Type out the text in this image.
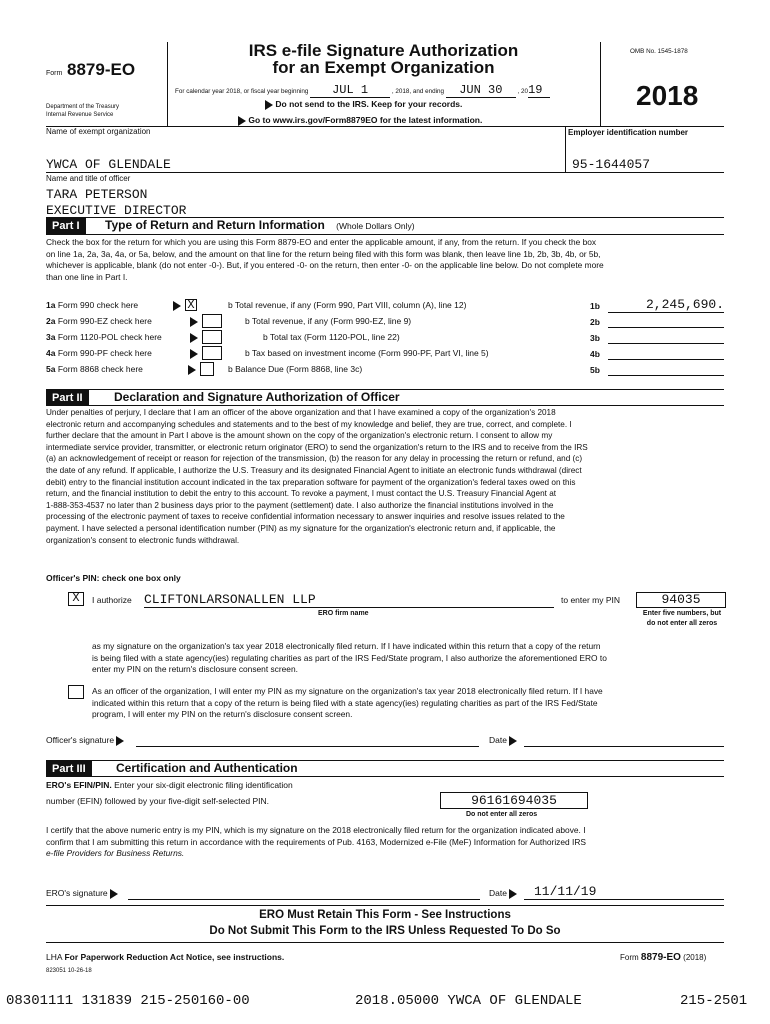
Form 8879-EO
Department of the Treasury
Internal Revenue Service
IRS e-file Signature Authorization
for an Exempt Organization
For calendar year 2018, or fiscal year beginning JUL 1	, 2018, and ending JUN 30 , 2019
Do not send to the IRS. Keep for your records.
Go to www.irs.gov/Form8879EO for the latest information.
OMB No. 1545-1878
2018
Name of exempt organization	Employer identification number
YWCA OF GLENDALE	95-1644057
Name and title of officer
TARA PETERSON
EXECUTIVE DIRECTOR
Part I	Type of Return and Return Information (Whole Dollars Only)
Check the box for the return for which you are using this Form 8879-EO and enter the applicable amount, if any, from the return. If you check the box
on line 1a, 2a, 3a, 4a, or 5a, below, and the amount on that line for the return being filed with this form was blank, then leave line 1b, 2b, 3b, 4b, or 5b,
whichever is applicable, blank (do not enter -0-). But, if you entered -0- on the return, then enter -0- on the applicable line below. Do not complete more
than one line in Part I.
1a Form 990 check here	X	b Total revenue, if any (Form 990, Part VIII, column (A), line 12)	1b	2,245,690.
2a Form 990-EZ check here	b Total revenue, if any (Form 990-EZ, line 9)	2b
3a Form 1120-POL check here	b Total tax (Form 1120-POL, line 22)	3b
4a Form 990-PF check here	b Tax based on investment income (Form 990-PF, Part VI, line 5)	4b
5a Form 8868 check here	b Balance Due (Form 8868, line 3c)	5b
Part II	Declaration and Signature Authorization of Officer
Under penalties of perjury, I declare that I am an officer of the above organization and that I have examined a copy of the organization's 2018
electronic return and accompanying schedules and statements and to the best of my knowledge and belief, they are true, correct, and complete. I
further declare that the amount in Part I above is the amount shown on the copy of the organization's electronic return. I consent to allow my
intermediate service provider, transmitter, or electronic return originator (ERO) to send the organization's return to the IRS and to receive from the IRS
(a) an acknowledgement of receipt or reason for rejection of the transmission, (b) the reason for any delay in processing the return or refund, and (c)
the date of any refund. If applicable, I authorize the U.S. Treasury and its designated Financial Agent to initiate an electronic funds withdrawal (direct
debit) entry to the financial institution account indicated in the tax preparation software for payment of the organization's federal taxes owed on this
return, and the financial institution to debit the entry to this account. To revoke a payment, I must contact the U.S. Treasury Financial Agent at
1-888-353-4537 no later than 2 business days prior to the payment (settlement) date. I also authorize the financial institutions involved in the
processing of the electronic payment of taxes to receive confidential information necessary to answer inquiries and resolve issues related to the
payment. I have selected a personal identification number (PIN) as my signature for the organization's electronic return and, if applicable, the
organization's consent to electronic funds withdrawal.
Officer's PIN: check one box only
X	I authorize CLIFTONLARSONALLEN LLP	to enter my PIN	94035
ERO firm name	Enter five numbers, but
do not enter all zeros
as my signature on the organization's tax year 2018 electronically filed return. If I have indicated within this return that a copy of the return
is being filed with a state agency(ies) regulating charities as part of the IRS Fed/State program, I also authorize the aforementioned ERO to
enter my PIN on the return's disclosure consent screen.
As an officer of the organization, I will enter my PIN as my signature on the organization's tax year 2018 electronically filed return. If I have
indicated within this return that a copy of the return is being filed with a state agency(ies) regulating charities as part of the IRS Fed/State
program, I will enter my PIN on the return's disclosure consent screen.
Officer's signature	Date
Part III	Certification and Authentication
ERO's EFIN/PIN. Enter your six-digit electronic filing identification
number (EFIN) followed by your five-digit self-selected PIN.	96161694035
Do not enter all zeros
I certify that the above numeric entry is my PIN, which is my signature on the 2018 electronically filed return for the organization indicated above. I
confirm that I am submitting this return in accordance with the requirements of Pub. 4163, Modernized e-File (MeF) Information for Authorized IRS
e-file Providers for Business Returns.
ERO's signature	Date	11/11/19
ERO Must Retain This Form - See Instructions
Do Not Submit This Form to the IRS Unless Requested To Do So
LHA For Paperwork Reduction Act Notice, see instructions.	Form 8879-EO (2018)
823051 10-26-18
08301111 131839 215-250160-00	2018.05000 YWCA OF GLENDALE	215-2501
